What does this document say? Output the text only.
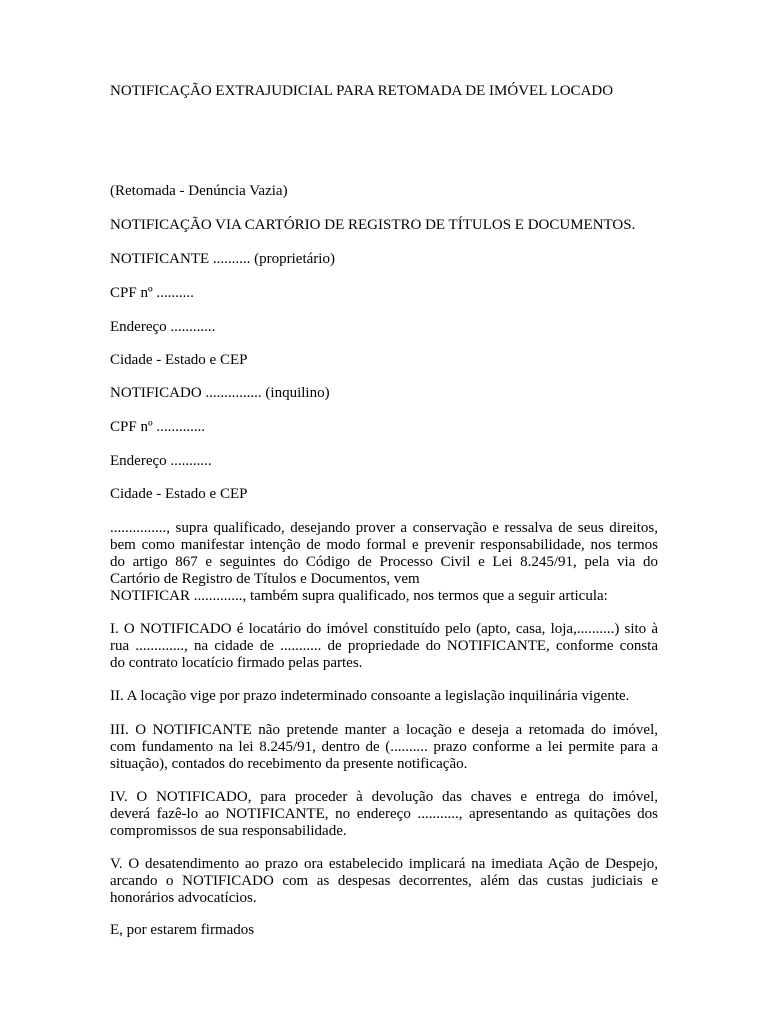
NOTIFICAÇÃO EXTRAJUDICIAL PARA RETOMADA DE IMÓVEL LOCADO
(Retomada - Denúncia Vazia)
NOTIFICAÇÃO VIA CARTÓRIO DE REGISTRO DE TÍTULOS E DOCUMENTOS.
NOTIFICANTE .......... (proprietário)
CPF nº ..........
Endereço ............
Cidade - Estado e CEP
NOTIFICADO ............... (inquilino)
CPF nº .............
Endereço ...........
Cidade - Estado e CEP
..............., supra qualificado, desejando prover a conservação e ressalva de seus direitos,
bem como manifestar intenção de modo formal e prevenir responsabilidade, nos termos
do artigo 867 e seguintes do Código de Processo Civil e Lei 8.245/91, pela via do
Cartório de Registro de Títulos e Documentos, vem
NOTIFICAR ............., também supra qualificado, nos termos que a seguir articula:
I. O NOTIFICADO é locatário do imóvel constituído pelo (apto, casa, loja,..........) sito à
rua ............., na cidade de ........... de propriedade do NOTIFICANTE, conforme consta
do contrato locatício firmado pelas partes.
II. A locação vige por prazo indeterminado consoante a legislação inquilinária vigente.
III. O NOTIFICANTE não pretende manter a locação e deseja a retomada do imóvel,
com fundamento na lei 8.245/91, dentro de (.......... prazo conforme a lei permite para a
situação), contados do recebimento da presente notificação.
IV. O NOTIFICADO, para proceder à devolução das chaves e entrega do imóvel,
deverá fazê-lo ao NOTIFICANTE, no endereço ..........., apresentando as quitações dos
compromissos de sua responsabilidade.
V. O desatendimento ao prazo ora estabelecido implicará na imediata Ação de Despejo,
arcando o NOTIFICADO com as despesas decorrentes, além das custas judiciais e
honorários advocatícios.
E, por estarem firmados
